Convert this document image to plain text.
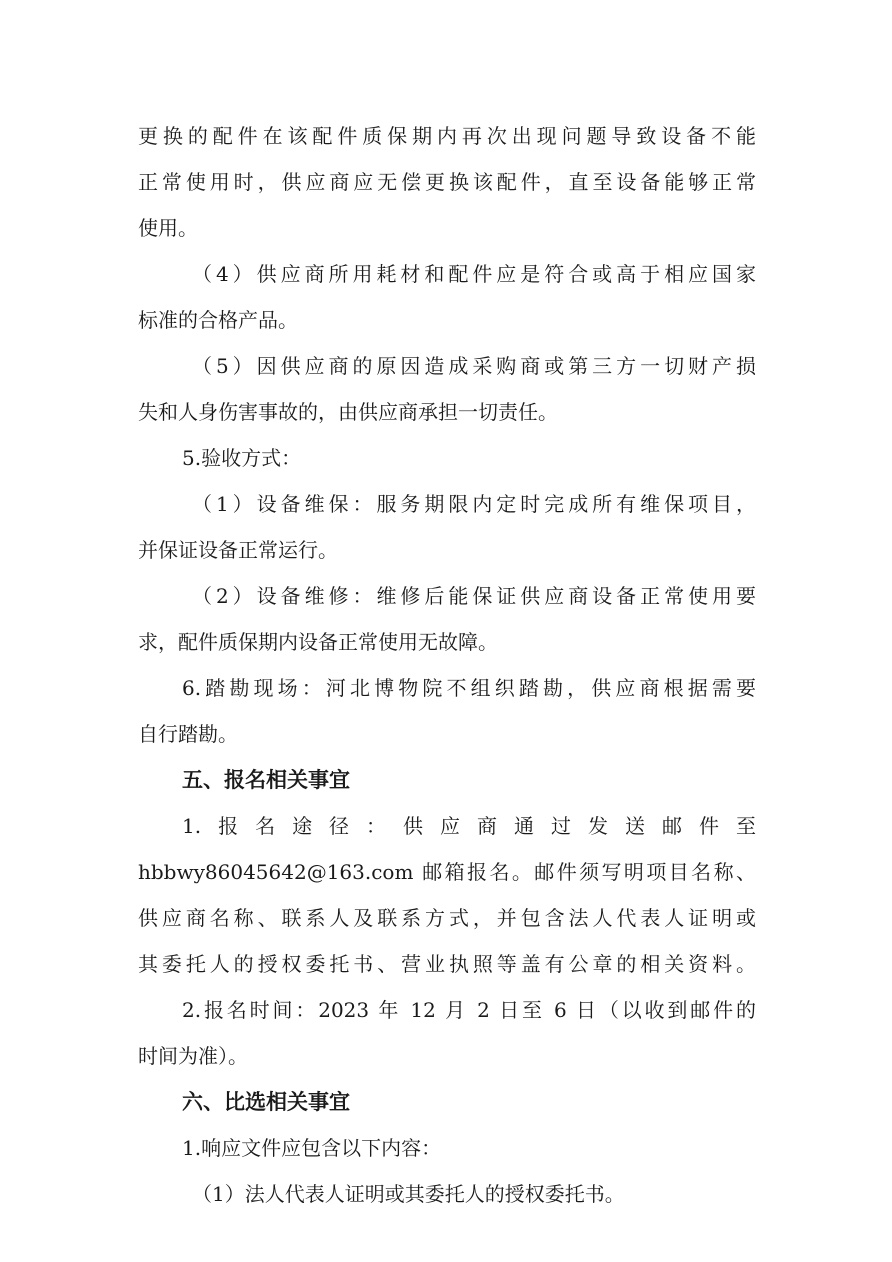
更换的配件在该配件质保期内再次出现问题导致设备不能
正常使用时，供应商应无偿更换该配件，直至设备能够正常
使用。
（4）供应商所用耗材和配件应是符合或高于相应国家
标准的合格产品。
（5）因供应商的原因造成采购商或第三方一切财产损
失和人身伤害事故的，由供应商承担一切责任。
5.验收方式：
（1）设备维保：服务期限内定时完成所有维保项目，
并保证设备正常运行。
（2）设备维修：维修后能保证供应商设备正常使用要
求，配件质保期内设备正常使用无故障。
6.踏勘现场：河北博物院不组织踏勘，供应商根据需要
自行踏勘。
五、报名相关事宜
1.报名途径：供应商通过发送邮件至
hbbwy86045642@163.com 邮箱报名。邮件须写明项目名称、
供应商名称、联系人及联系方式，并包含法人代表人证明或
其委托人的授权委托书、营业执照等盖有公章的相关资料。
2.报名时间：2023 年 12 月 2 日至 6 日（以收到邮件的
时间为准）。
六、比选相关事宜
1.响应文件应包含以下内容：
（1）法人代表人证明或其委托人的授权委托书。
